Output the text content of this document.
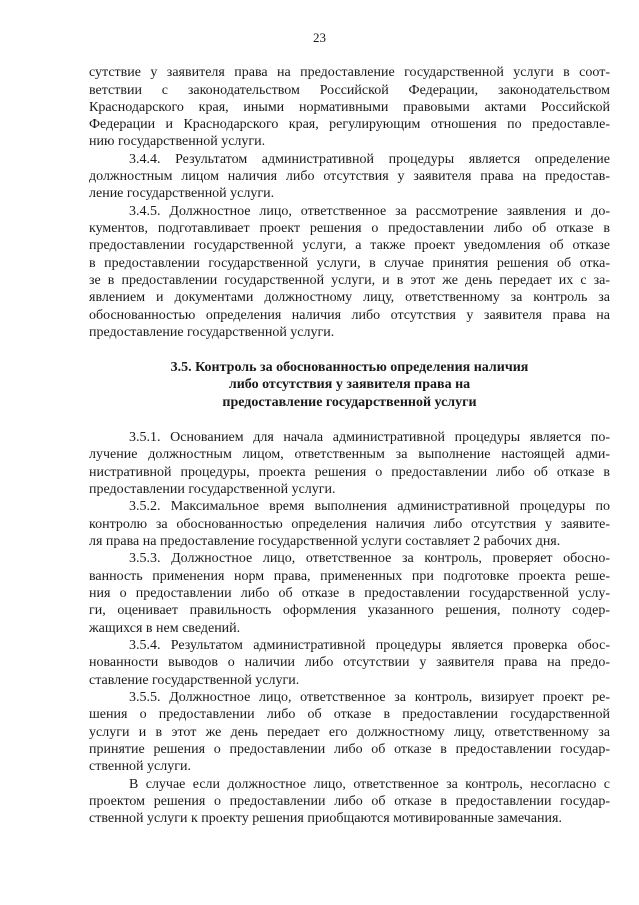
23
сутствие у заявителя права на предоставление государственной услуги в соот-
ветствии с законодательством Российской Федерации, законодательством
Краснодарского края, иными нормативными правовыми актами Российской
Федерации и Краснодарского края, регулирующим отношения по предоставле-
нию государственной услуги.
3.4.4. Результатом административной процедуры является определение
должностным лицом наличия либо отсутствия у заявителя права на предостав-
ление государственной услуги.
3.4.5. Должностное лицо, ответственное за рассмотрение заявления и до-
кументов, подготавливает проект решения о предоставлении либо об отказе в
предоставлении государственной услуги, а также проект уведомления об отказе
в предоставлении государственной услуги, в случае принятия решения об отка-
зе в предоставлении государственной услуги, и в этот же день передает их с за-
явлением и документами должностному лицу, ответственному за контроль за
обоснованностью определения наличия либо отсутствия у заявителя права на
предоставление государственной услуги.
3.5. Контроль за обоснованностью определения наличия
либо отсутствия у заявителя права на
предоставление государственной услуги
3.5.1. Основанием для начала административной процедуры является по-
лучение должностным лицом, ответственным за выполнение настоящей адми-
нистративной процедуры, проекта решения о предоставлении либо об отказе в
предоставлении государственной услуги.
3.5.2. Максимальное время выполнения административной процедуры по
контролю за обоснованностью определения наличия либо отсутствия у заявите-
ля права на предоставление государственной услуги составляет 2 рабочих дня.
3.5.3. Должностное лицо, ответственное за контроль, проверяет обосно-
ванность применения норм права, примененных при подготовке проекта реше-
ния о предоставлении либо об отказе в предоставлении государственной услу-
ги, оценивает правильность оформления указанного решения, полноту содер-
жащихся в нем сведений.
3.5.4. Результатом административной процедуры является проверка обос-
нованности выводов о наличии либо отсутствии у заявителя права на предо-
ставление государственной услуги.
3.5.5. Должностное лицо, ответственное за контроль, визирует проект ре-
шения о предоставлении либо об отказе в предоставлении государственной
услуги и в этот же день передает его должностному лицу, ответственному за
принятие решения о предоставлении либо об отказе в предоставлении государ-
ственной услуги.
В случае если должностное лицо, ответственное за контроль, несогласно с
проектом решения о предоставлении либо об отказе в предоставлении государ-
ственной услуги к проекту решения приобщаются мотивированные замечания.
